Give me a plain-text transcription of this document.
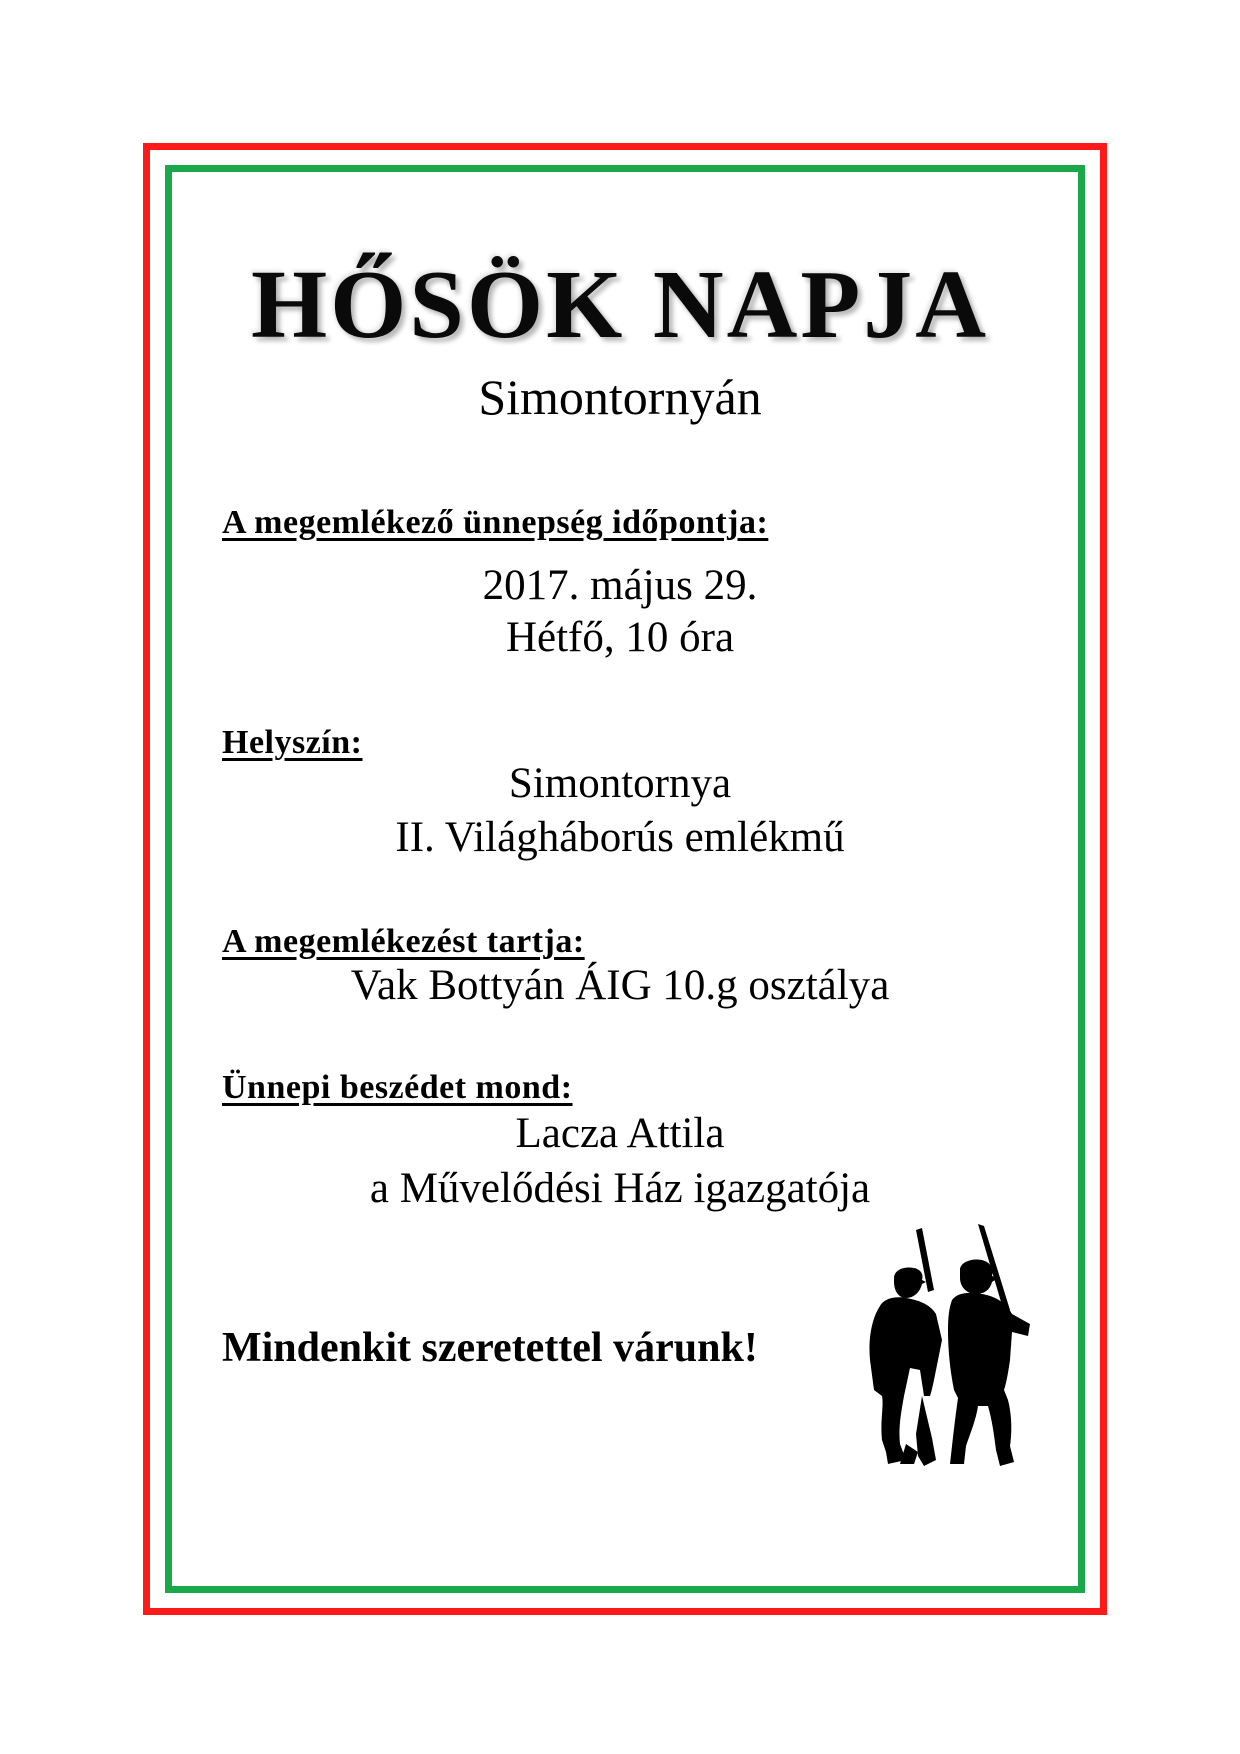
HŐSÖK NAPJA
Simontornyán
A megemlékező ünnepség időpontja:
2017. május 29.
Hétfő, 10 óra
Helyszín:
Simontornya
II. Világháborús emlékmű
A megemlékezést tartja:
Vak Bottyán ÁIG 10.g osztálya
Ünnepi beszédet mond:
Lacza Attila
a Művelődési Ház igazgatója
Mindenkit szeretettel várunk!
